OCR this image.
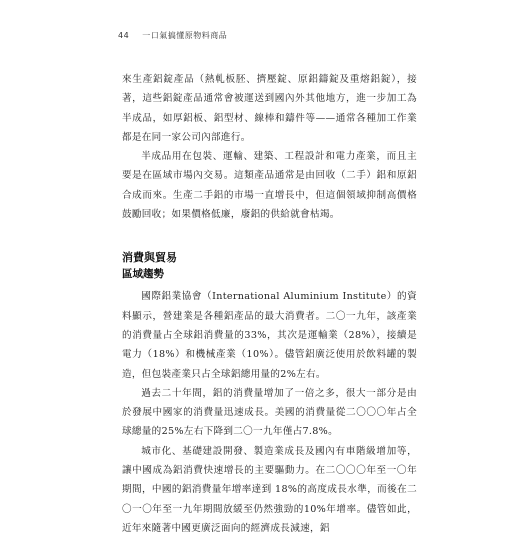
44 一口氣搞懂原物料商品

來生產鋁錠產品（熱軋板胚、擠壓錠、原鋁鑄錠及重熔鋁錠），接著，這些鋁錠產品通常會被運送到國內外其他地方，進一步加工為半成品，如厚鋁板、鋁型材、線棒和鑄件等——通常各種加工作業都是在同一家公司內部進行。

半成品用在包裝、運輸、建築、工程設計和電力產業，而且主要是在區域市場內交易。這類產品通常是由回收（二手）鋁和原鋁合成而來。生產二手鋁的市場一直增長中，但這個領域抑制高價格鼓勵回收；如果價格低廉，廢鋁的供給就會枯竭。

消費與貿易
區域趨勢

國際鋁業協會（International Aluminium Institute）的資料顯示，營建業是各種鋁產品的最大消費者。二〇一九年，該產業的消費量占全球鋁消費量的33%，其次是運輸業（28%），接續是電力（18%）和機械產業（10%）。儘管鋁廣泛使用於飲料罐的製造，但包裝產業只占全球鋁總用量的2%左右。

過去二十年間，鋁的消費量增加了一倍之多，很大一部分是由於發展中國家的消費量迅速成長。美國的消費量從二〇〇〇年占全球總量的25%左右下降到二〇一九年僅占7.8%。

城市化、基礎建設開發、製造業成長及國內有車階級增加等，讓中國成為鋁消費快速增長的主要驅動力。在二〇〇〇年至一〇年期間，中國的鋁消費量年增率達到 18%的高度成長水準，而後在二〇一〇年至一九年期間放緩至仍然強勁的10%年增率。儘管如此，近年來隨著中國更廣泛面向的經濟成長減速，鋁
